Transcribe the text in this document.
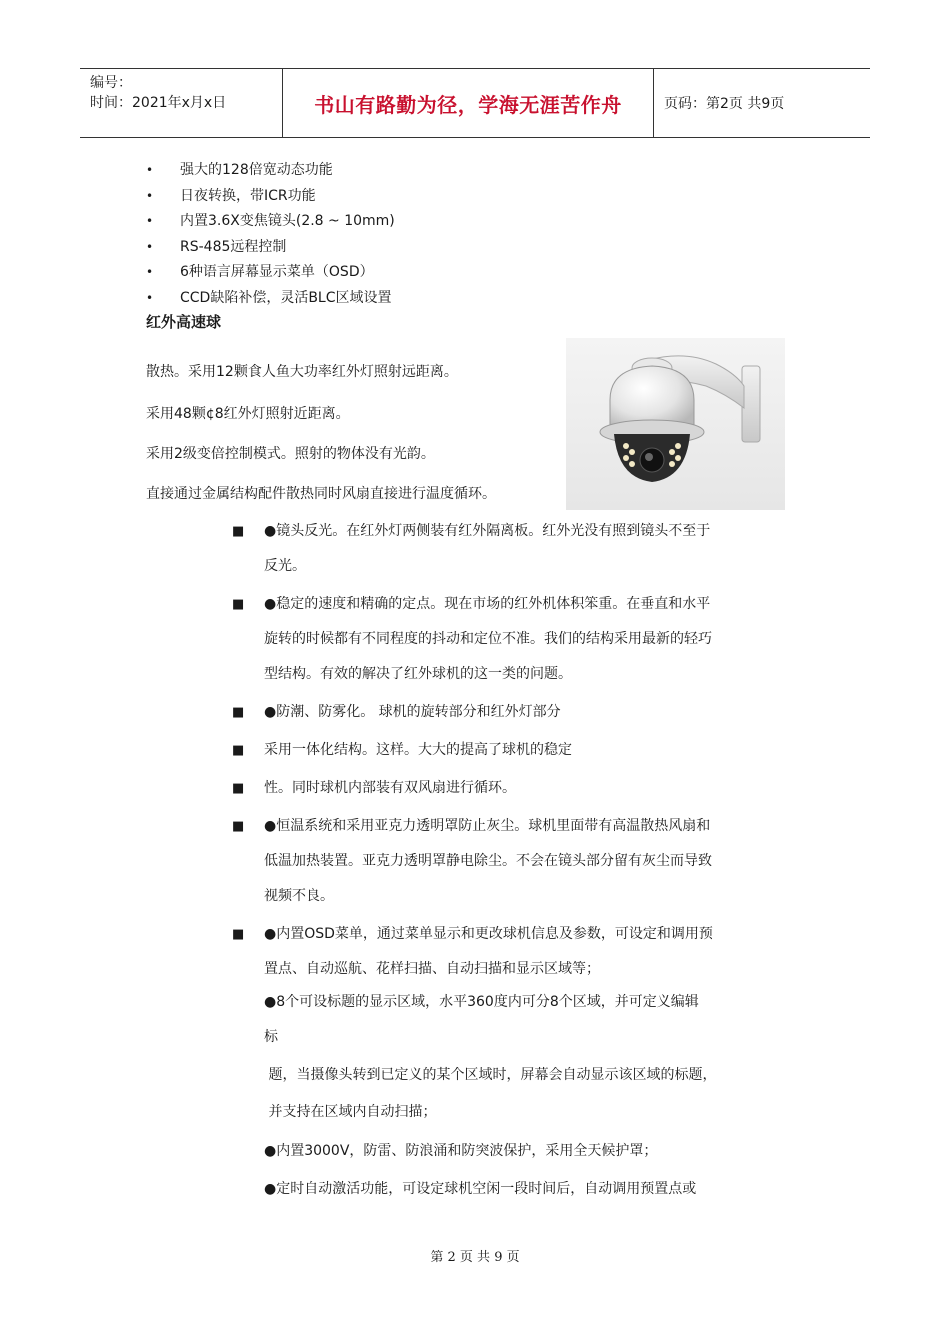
编号：
时间：2021年x月x日	书山有路勤为径，学海无涯苦作舟	页码：第2页 共9页
• 强大的128倍宽动态功能
• 日夜转换，带ICR功能
• 内置3.6X变焦镜头(2.8 ~ 10mm)
• RS-485远程控制
• 6种语言屏幕显示菜单（OSD）
• CCD缺陷补偿，灵活BLC区域设置
红外高速球
散热。采用12颗食人鱼大功率红外灯照射远距离。
采用48颗¢8红外灯照射近距离。
采用2级变倍控制模式。照射的物体没有光韵。
直接通过金属结构配件散热同时风扇直接进行温度循环。
■ ●镜头反光。在红外灯两侧装有红外隔离板。红外光没有照到镜头不至于
反光。
■ ●稳定的速度和精确的定点。现在市场的红外机体积笨重。在垂直和水平
旋转的时候都有不同程度的抖动和定位不准。我们的结构采用最新的轻巧
型结构。有效的解决了红外球机的这一类的问题。
■ ●防潮、防雾化。 球机的旋转部分和红外灯部分
■ 采用一体化结构。这样。大大的提高了球机的稳定
■ 性。同时球机内部装有双风扇进行循环。
■ ●恒温系统和采用亚克力透明罩防止灰尘。球机里面带有高温散热风扇和
低温加热装置。亚克力透明罩静电除尘。不会在镜头部分留有灰尘而导致
视频不良。
■ ●内置OSD菜单，通过菜单显示和更改球机信息及参数，可设定和调用预
置点、自动巡航、花样扫描、自动扫描和显示区域等；
●8个可设标题的显示区域，水平360度内可分8个区域，并可定义编辑
标
题，当摄像头转到已定义的某个区域时，屏幕会自动显示该区域的标题，
并支持在区域内自动扫描；
●内置3000V，防雷、防浪涌和防突波保护，采用全天候护罩；
●定时自动激活功能，可设定球机空闲一段时间后，自动调用预置点或
第 2 页 共 9 页
